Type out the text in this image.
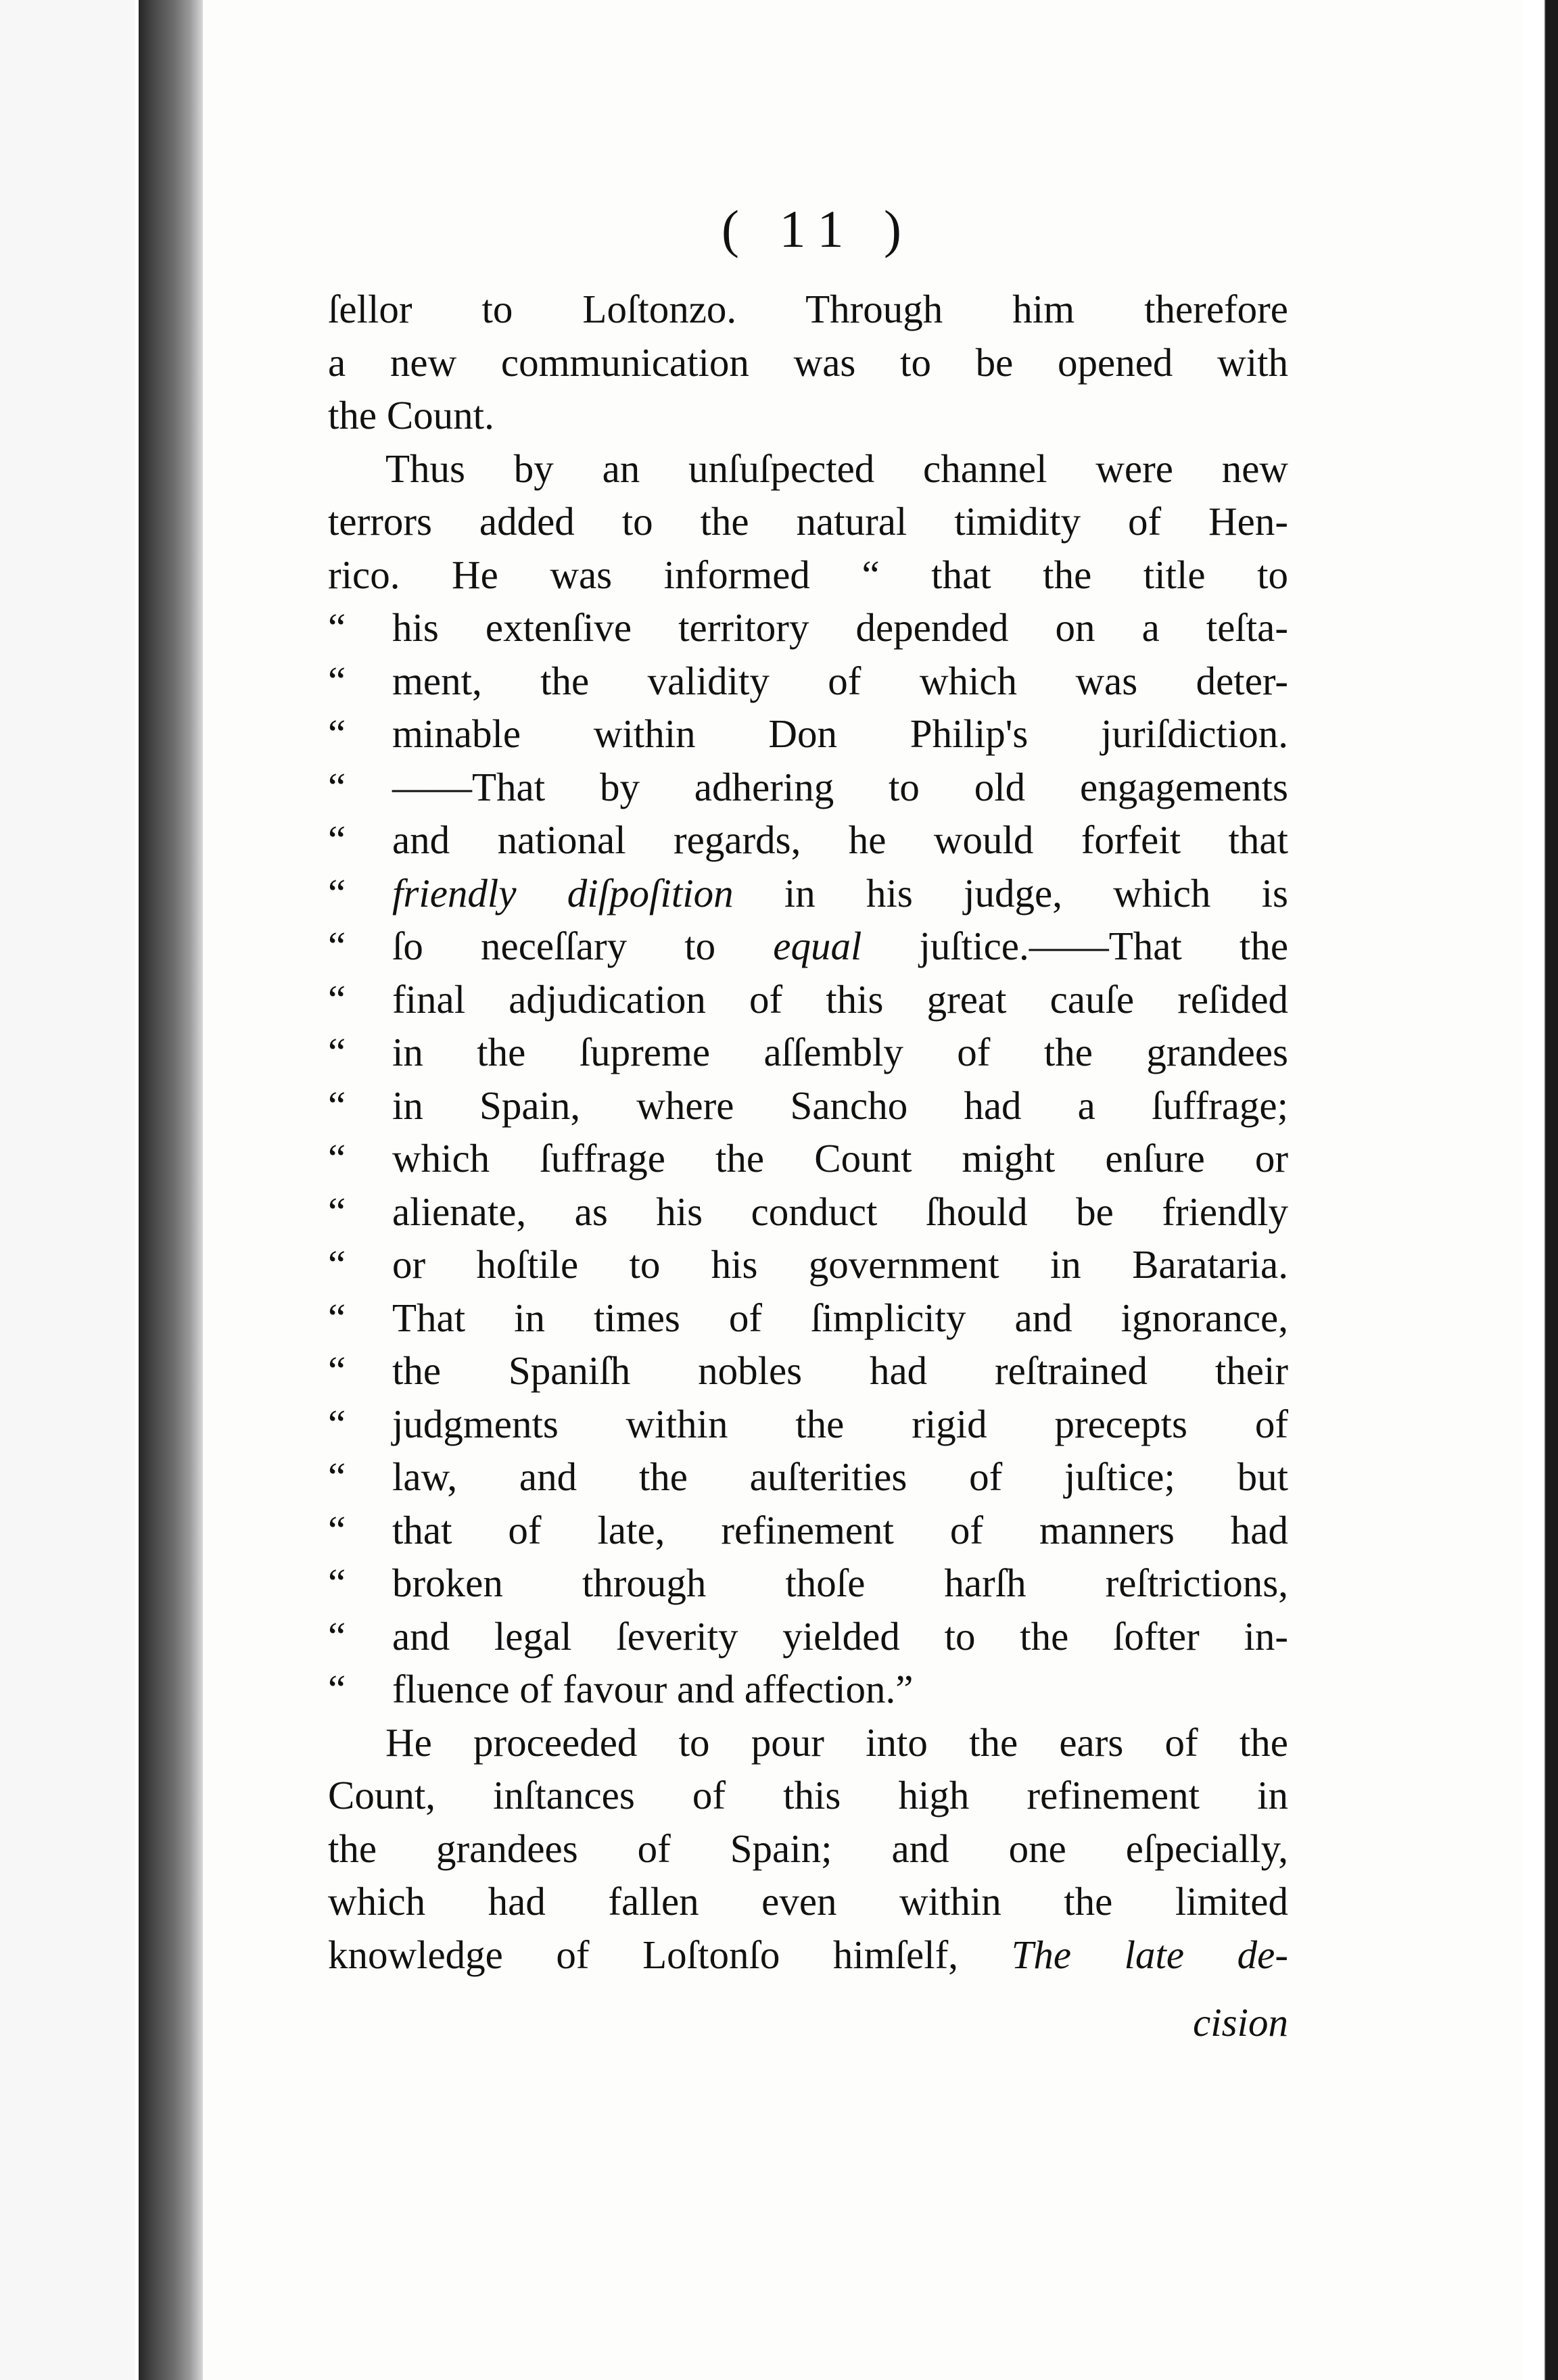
( 11 )
ſellor to Loſtonzo. Through him therefore
a new communication was to be opened with
the Count.
Thus by an unſuſpected channel were new
terrors added to the natural timidity of Hen-
rico. He was informed “ that the title to
“ his extenſive territory depended on a teſta-
“ ment, the validity of which was deter-
“ minable within Don Philip's juriſdiction.
“ ——That by adhering to old engagements
“ and national regards, he would forfeit that
“ friendly diſpoſition in his judge, which is
“ ſo neceſſary to equal juſtice.——That the
“ final adjudication of this great cauſe reſided
“ in the ſupreme aſſembly of the grandees
“ in Spain, where Sancho had a ſuffrage;
“ which ſuffrage the Count might enſure or
“ alienate, as his conduct ſhould be friendly
“ or hoſtile to his government in Barataria.
“ That in times of ſimplicity and ignorance,
“ the Spaniſh nobles had reſtrained their
“ judgments within the rigid precepts of
“ law, and the auſterities of juſtice; but
“ that of late, refinement of manners had
“ broken through thoſe harſh reſtrictions,
“ and legal ſeverity yielded to the ſofter in-
“ fluence of favour and affection.”
He proceeded to pour into the ears of the
Count, inſtances of this high refinement in
the grandees of Spain; and one eſpecially,
which had fallen even within the limited
knowledge of Loſtonſo himſelf, The late de-
cision
